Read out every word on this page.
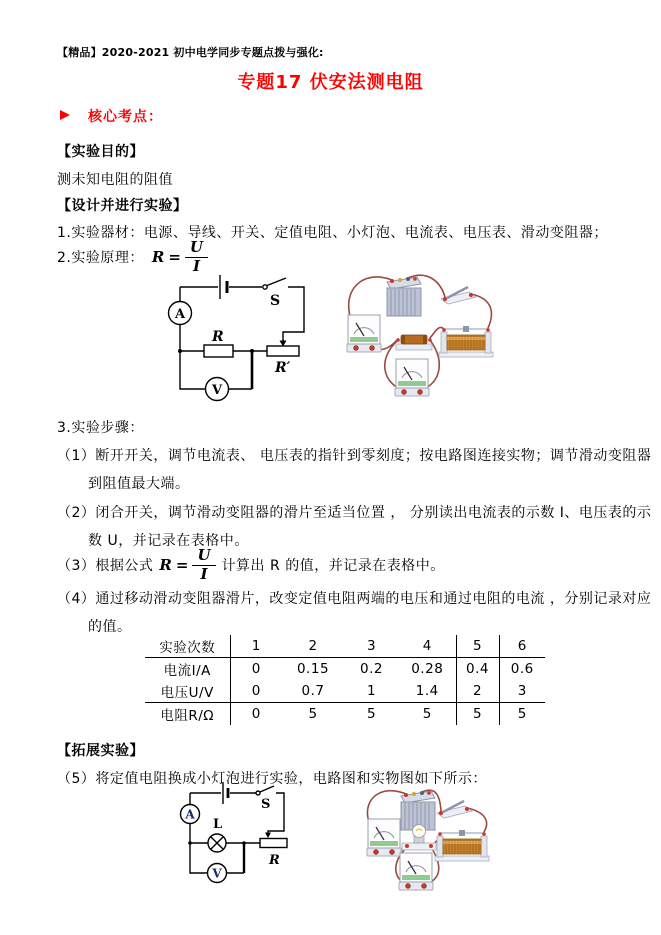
【精品】2020-2021 初中电学同步专题点拨与强化:
专题17 伏安法测电阻
核心考点：
【实验目的】
测未知电阻的阻值
【设计并进行实验】
1.实验器材：电源、导线、开关、定值电阻、小灯泡、电流表、电压表、滑动变阻器；
2.实验原理： $R = \frac{U}{I}$
A
V
S
R
R′
3.实验步骤：
（1）断开开关，调节电流表、 电压表的指针到零刻度；按电路图连接实物；调节滑动变阻器
到阻值最大端。
（2）闭合开关，调节滑动变阻器的滑片至适当位置 ， 分别读出电流表的示数 I、电压表的示
数 U，并记录在表格中。
（3） 根据公式 $R = \frac{U}{I}$ 计算出 R 的值，并记录在表格中。
（4）通过移动滑动变阻器滑片，改变定值电阻两端的电压和通过电阻的电流 ，分别记录对应
的值。
实验次数	1	2	3	4	5	6
电流I/A	0	0.15	0.2	0.28	0.4	0.6
电压U/V	0	0.7	1	1.4	2	3
电阻R/Ω	0	5	5	5	5	5
【拓展实验】
（5）将定值电阻换成小灯泡进行实验，电路图和实物图如下所示：
A
V
S
L
R
